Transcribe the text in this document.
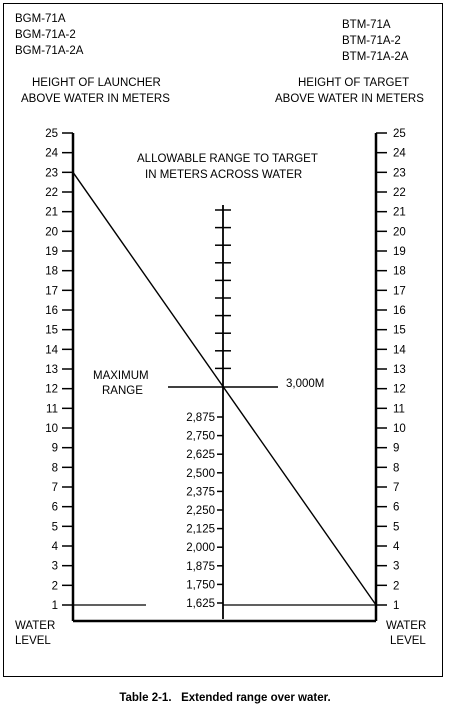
BGM-71A
BGM-71A-2
BGM-71A-2A
BTM-71A
BTM-71A-2
BTM-71A-2A
HEIGHT OF LAUNCHER
ABOVE WATER IN METERS
HEIGHT OF TARGET
ABOVE WATER IN METERS
ALLOWABLE RANGE TO TARGET
IN METERS ACROSS WATER
MAXIMUM
RANGE
3,000M
WATER
LEVEL
WATER
LEVEL
Table 2-1.   Extended range over water.
1
2
3
4
5
6
7
8
9
10
11
12
13
14
15
16
17
18
19
20
21
22
23
24
25
1
2
3
4
5
6
7
8
9
10
11
12
13
14
15
16
17
18
19
20
21
22
23
24
25
1,625
1,750
1,875
2,000
2,125
2,250
2,375
2,500
2,625
2,750
2,875
